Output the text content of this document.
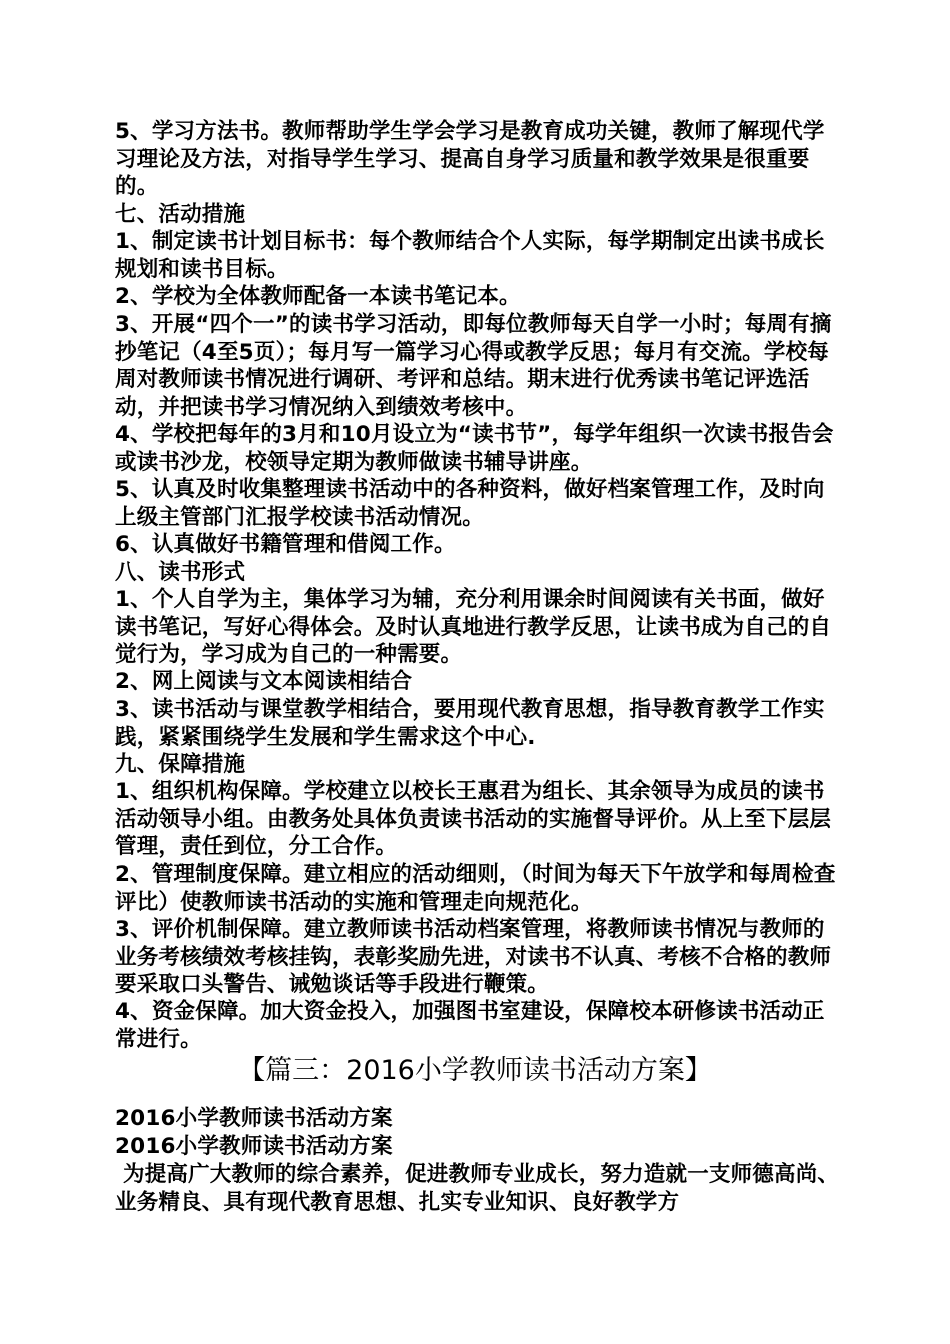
5、学习方法书。教师帮助学生学会学习是教育成功关键，教师了解现代学习理论及方法，对指导学生学习、提高自身学习质量和教学效果是很重要的。
七、活动措施
1、制定读书计划目标书：每个教师结合个人实际，每学期制定出读书成长规划和读书目标。
2、学校为全体教师配备一本读书笔记本。
3、开展“四个一”的读书学习活动，即每位教师每天自学一小时；每周有摘抄笔记（4至5页）；每月写一篇学习心得或教学反思；每月有交流。学校每周对教师读书情况进行调研、考评和总结。期末进行优秀读书笔记评选活动，并把读书学习情况纳入到绩效考核中。
4、学校把每年的3月和10月设立为“读书节”，每学年组织一次读书报告会或读书沙龙，校领导定期为教师做读书辅导讲座。
5、认真及时收集整理读书活动中的各种资料，做好档案管理工作，及时向上级主管部门汇报学校读书活动情况。
6、认真做好书籍管理和借阅工作。
八、读书形式
1、个人自学为主，集体学习为辅，充分利用课余时间阅读有关书面，做好读书笔记，写好心得体会。及时认真地进行教学反思，让读书成为自己的自觉行为，学习成为自己的一种需要。
2、网上阅读与文本阅读相结合
3、读书活动与课堂教学相结合，要用现代教育思想，指导教育教学工作实践，紧紧围绕学生发展和学生需求这个中心.
九、保障措施
1、组织机构保障。学校建立以校长王惠君为组长、其余领导为成员的读书活动领导小组。由教务处具体负责读书活动的实施督导评价。从上至下层层管理，责任到位，分工合作。
2、管理制度保障。建立相应的活动细则，（时间为每天下午放学和每周检查评比）使教师读书活动的实施和管理走向规范化。
3、评价机制保障。建立教师读书活动档案管理，将教师读书情况与教师的业务考核绩效考核挂钩，表彰奖励先进，对读书不认真、考核不合格的教师要采取口头警告、诫勉谈话等手段进行鞭策。
4、资金保障。加大资金投入，加强图书室建设，保障校本研修读书活动正常进行。
【篇三：2016小学教师读书活动方案】
2016小学教师读书活动方案
2016小学教师读书活动方案
为提高广大教师的综合素养，促进教师专业成长，努力造就一支师德高尚、业务精良、具有现代教育思想、扎实专业知识、良好教学方
